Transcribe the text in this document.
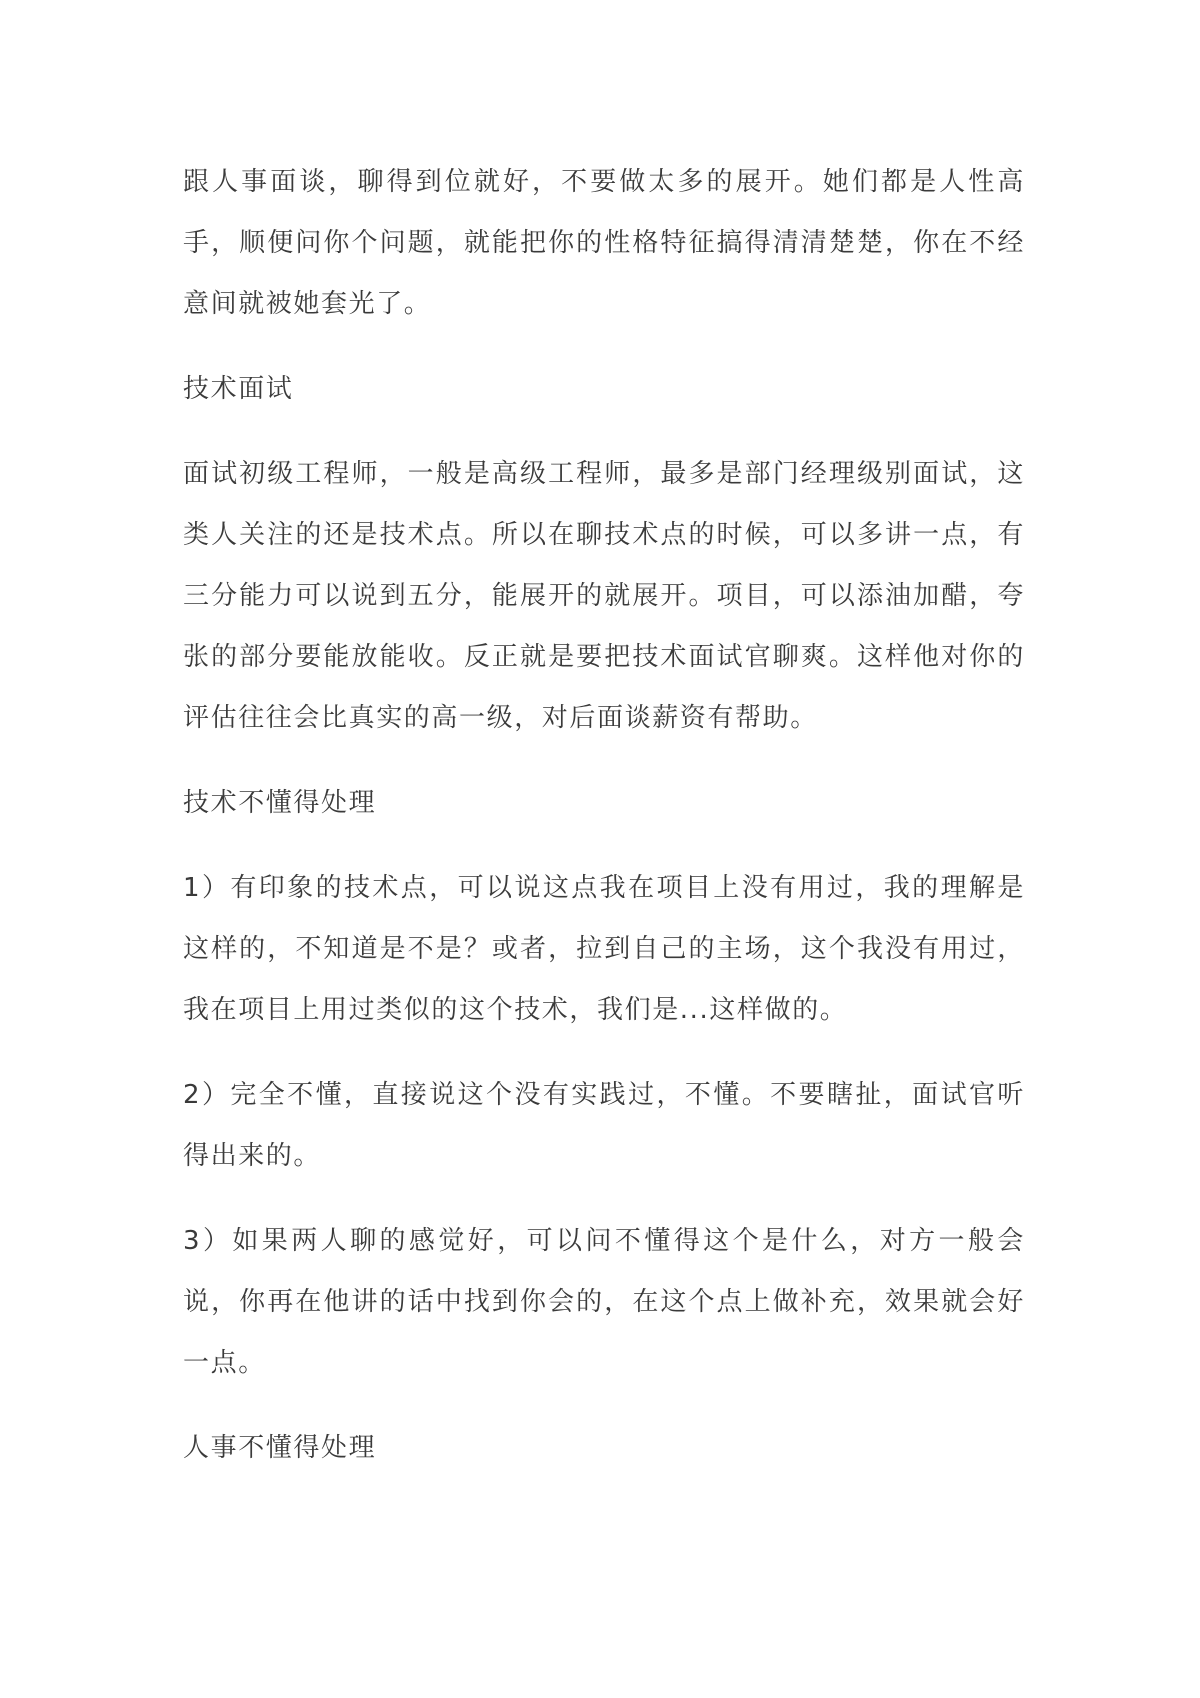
跟人事面谈，聊得到位就好，不要做太多的展开。她们都是人性高手，顺便问你个问题，就能把你的性格特征搞得清清楚楚，你在不经意间就被她套光了。

技术面试

面试初级工程师，一般是高级工程师，最多是部门经理级别面试，这类人关注的还是技术点。所以在聊技术点的时候，可以多讲一点，有三分能力可以说到五分，能展开的就展开。项目，可以添油加醋，夸张的部分要能放能收。反正就是要把技术面试官聊爽。这样他对你的评估往往会比真实的高一级，对后面谈薪资有帮助。

技术不懂得处理

1）有印象的技术点，可以说这点我在项目上没有用过，我的理解是这样的，不知道是不是？或者，拉到自己的主场，这个我没有用过，我在项目上用过类似的这个技术，我们是...这样做的。

2）完全不懂，直接说这个没有实践过，不懂。不要瞎扯，面试官听得出来的。

3）如果两人聊的感觉好，可以问不懂得这个是什么，对方一般会说，你再在他讲的话中找到你会的，在这个点上做补充，效果就会好一点。

人事不懂得处理
